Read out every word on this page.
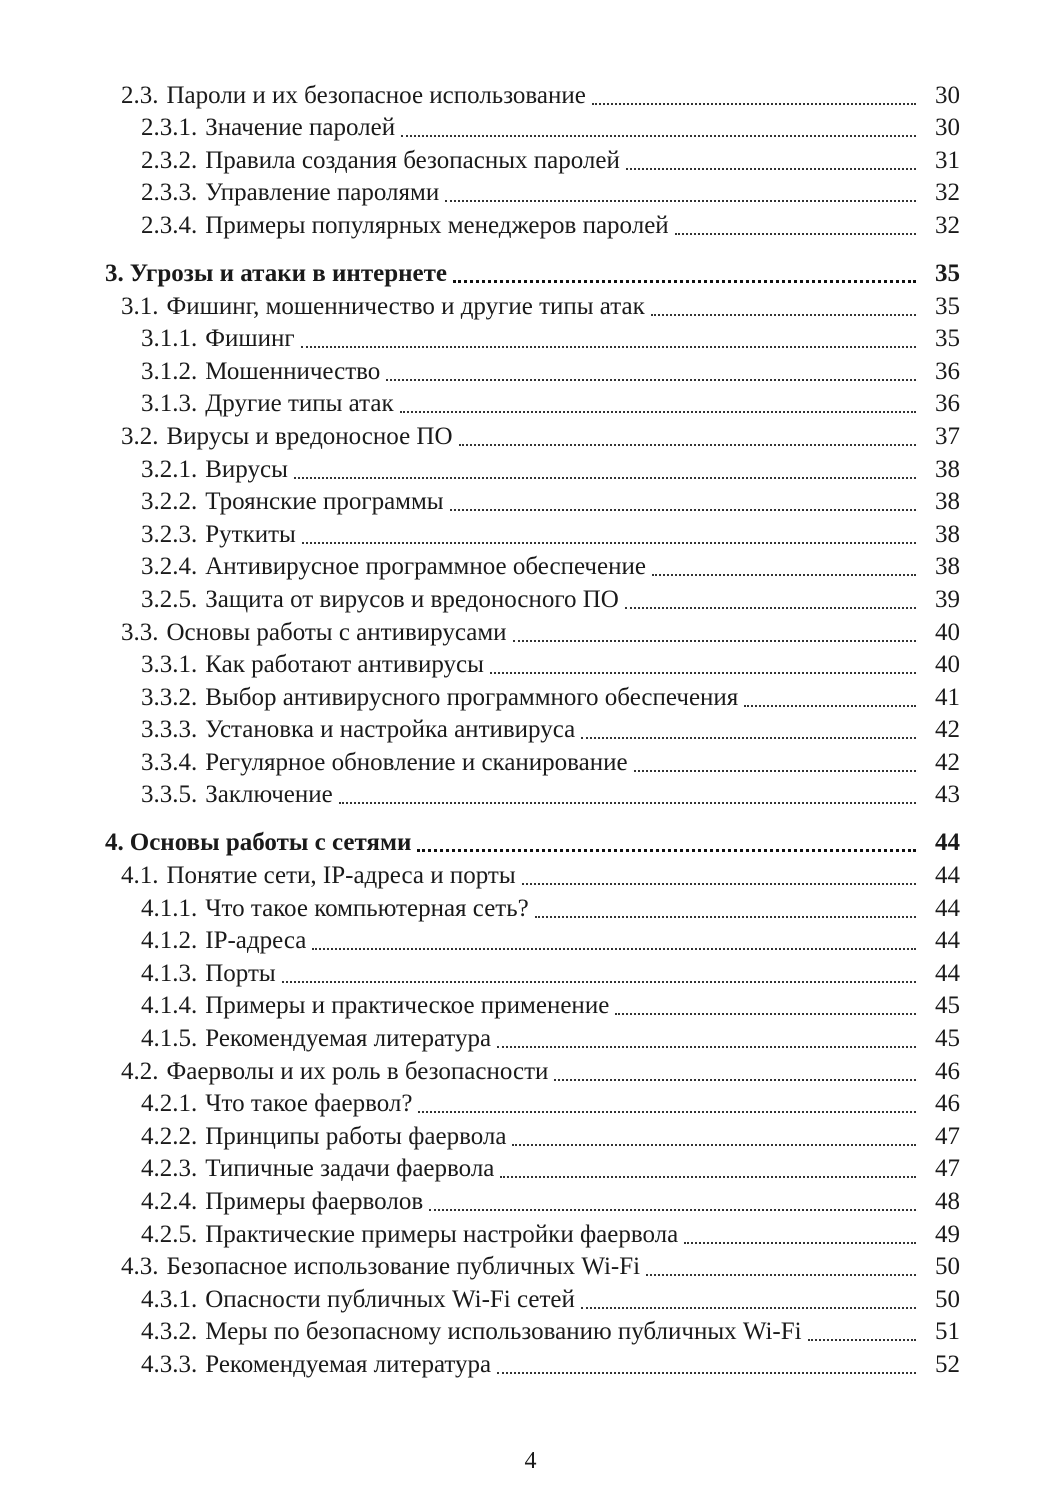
2.3. Пароли и их безопасное использование	30
2.3.1. Значение паролей	30
2.3.2. Правила создания безопасных паролей	31
2.3.3. Управление паролями	32
2.3.4. Примеры популярных менеджеров паролей	32
3. Угрозы и атаки в интернете	35
3.1. Фишинг, мошенничество и другие типы атак	35
3.1.1. Фишинг	35
3.1.2. Мошенничество	36
3.1.3. Другие типы атак	36
3.2. Вирусы и вредоносное ПО	37
3.2.1. Вирусы	38
3.2.2. Троянские программы	38
3.2.3. Руткиты	38
3.2.4. Антивирусное программное обеспечение	38
3.2.5. Защита от вирусов и вредоносного ПО	39
3.3. Основы работы с антивирусами	40
3.3.1. Как работают антивирусы	40
3.3.2. Выбор антивирусного программного обеспечения	41
3.3.3. Установка и настройка антивируса	42
3.3.4. Регулярное обновление и сканирование	42
3.3.5. Заключение	43
4. Основы работы с сетями	44
4.1. Понятие сети, IP-адреса и порты	44
4.1.1. Что такое компьютерная сеть?	44
4.1.2. IP-адреса	44
4.1.3. Порты	44
4.1.4. Примеры и практическое применение	45
4.1.5. Рекомендуемая литература	45
4.2. Фаерволы и их роль в безопасности	46
4.2.1. Что такое фаервол?	46
4.2.2. Принципы работы фаервола	47
4.2.3. Типичные задачи фаервола	47
4.2.4. Примеры фаерволов	48
4.2.5. Практические примеры настройки фаервола	49
4.3. Безопасное использование публичных Wi-Fi	50
4.3.1. Опасности публичных Wi-Fi сетей	50
4.3.2. Меры по безопасному использованию публичных Wi-Fi	51
4.3.3. Рекомендуемая литература	52
4
